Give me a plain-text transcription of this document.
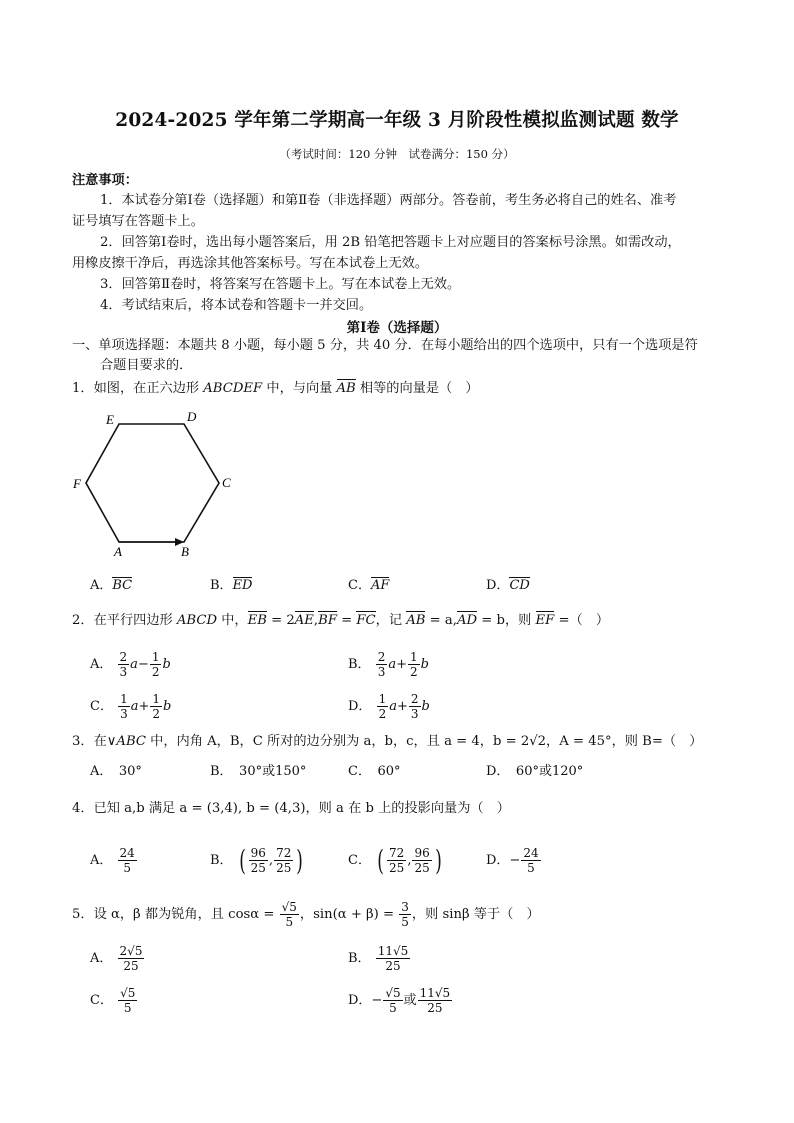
2024-2025 学年第二学期高一年级 3 月阶段性模拟监测试题 数学
（考试时间：120 分钟　试卷满分：150 分）
注意事项：
1．本试卷分第Ⅰ卷（选择题）和第Ⅱ卷（非选择题）两部分。答卷前，考生务必将自己的姓名、准考
证号填写在答题卡上。
2．回答第Ⅰ卷时，选出每小题答案后，用 2B 铅笔把答题卡上对应题目的答案标号涂黑。如需改动，
用橡皮擦干净后，再选涂其他答案标号。写在本试卷上无效。
3．回答第Ⅱ卷时，将答案写在答题卡上。写在本试卷上无效。
4．考试结束后，将本试卷和答题卡一并交回。
第Ⅰ卷（选择题）
一、单项选择题：本题共 8 小题，每小题 5 分，共 40 分．在每小题给出的四个选项中，只有一个选项是符
合题目要求的．
1．如图，在正六边形 ABCDEF 中，与向量 AB 相等的向量是（　）
A	B
C
D
E
F
A．BC	B．ED	C．AF	D．CD
2．在平行四边形 ABCD 中，EB = 2AE,BF = FC，记 AB = a,AD = b，则 EF =（　）
A． $\frac{2}{3} a- \frac{1}{2}$ b	B． $\frac{2}{3} a+ \frac{1}{2}$ b
C． $\frac{1}{3} a+ \frac{1}{2}$ b	D． $\frac{1}{2} a+ \frac{2}{3}$ b
3．在∨ABC 中，内角 A，B，C 所对的边分别为 a，b，c，且 a = 4，b = 2√2，A = 45°，则 B=（　）
A．　30°	B．　30°或150°	C．　60°	D．　60°或120°
4．已知 a,b 满足 a = (3,4), b = (4,3)，则 a 在 b 上的投影向量为（　）
A． $\frac{24}{5}$	B． ( $\frac{96}{25}$ , $\frac{72}{25}$ )	C． ( $\frac{72}{25}$ , $\frac{96}{25}$ )	D．− $\frac{24}{5}$
5．设 α，β 都为锐角，且 $\cos\alpha = \frac{√5}{5}$ ，$\sin(\alpha + \beta) = \frac{3}{5}$ ，则 sinβ 等于（　）
A． $\frac{2√5}{25}$	B． $\frac{11√5}{25}$
C． $\frac{√5}{5}$	D．− $\frac{√5}{5}$ 或 $\frac{11√5}{25}$
